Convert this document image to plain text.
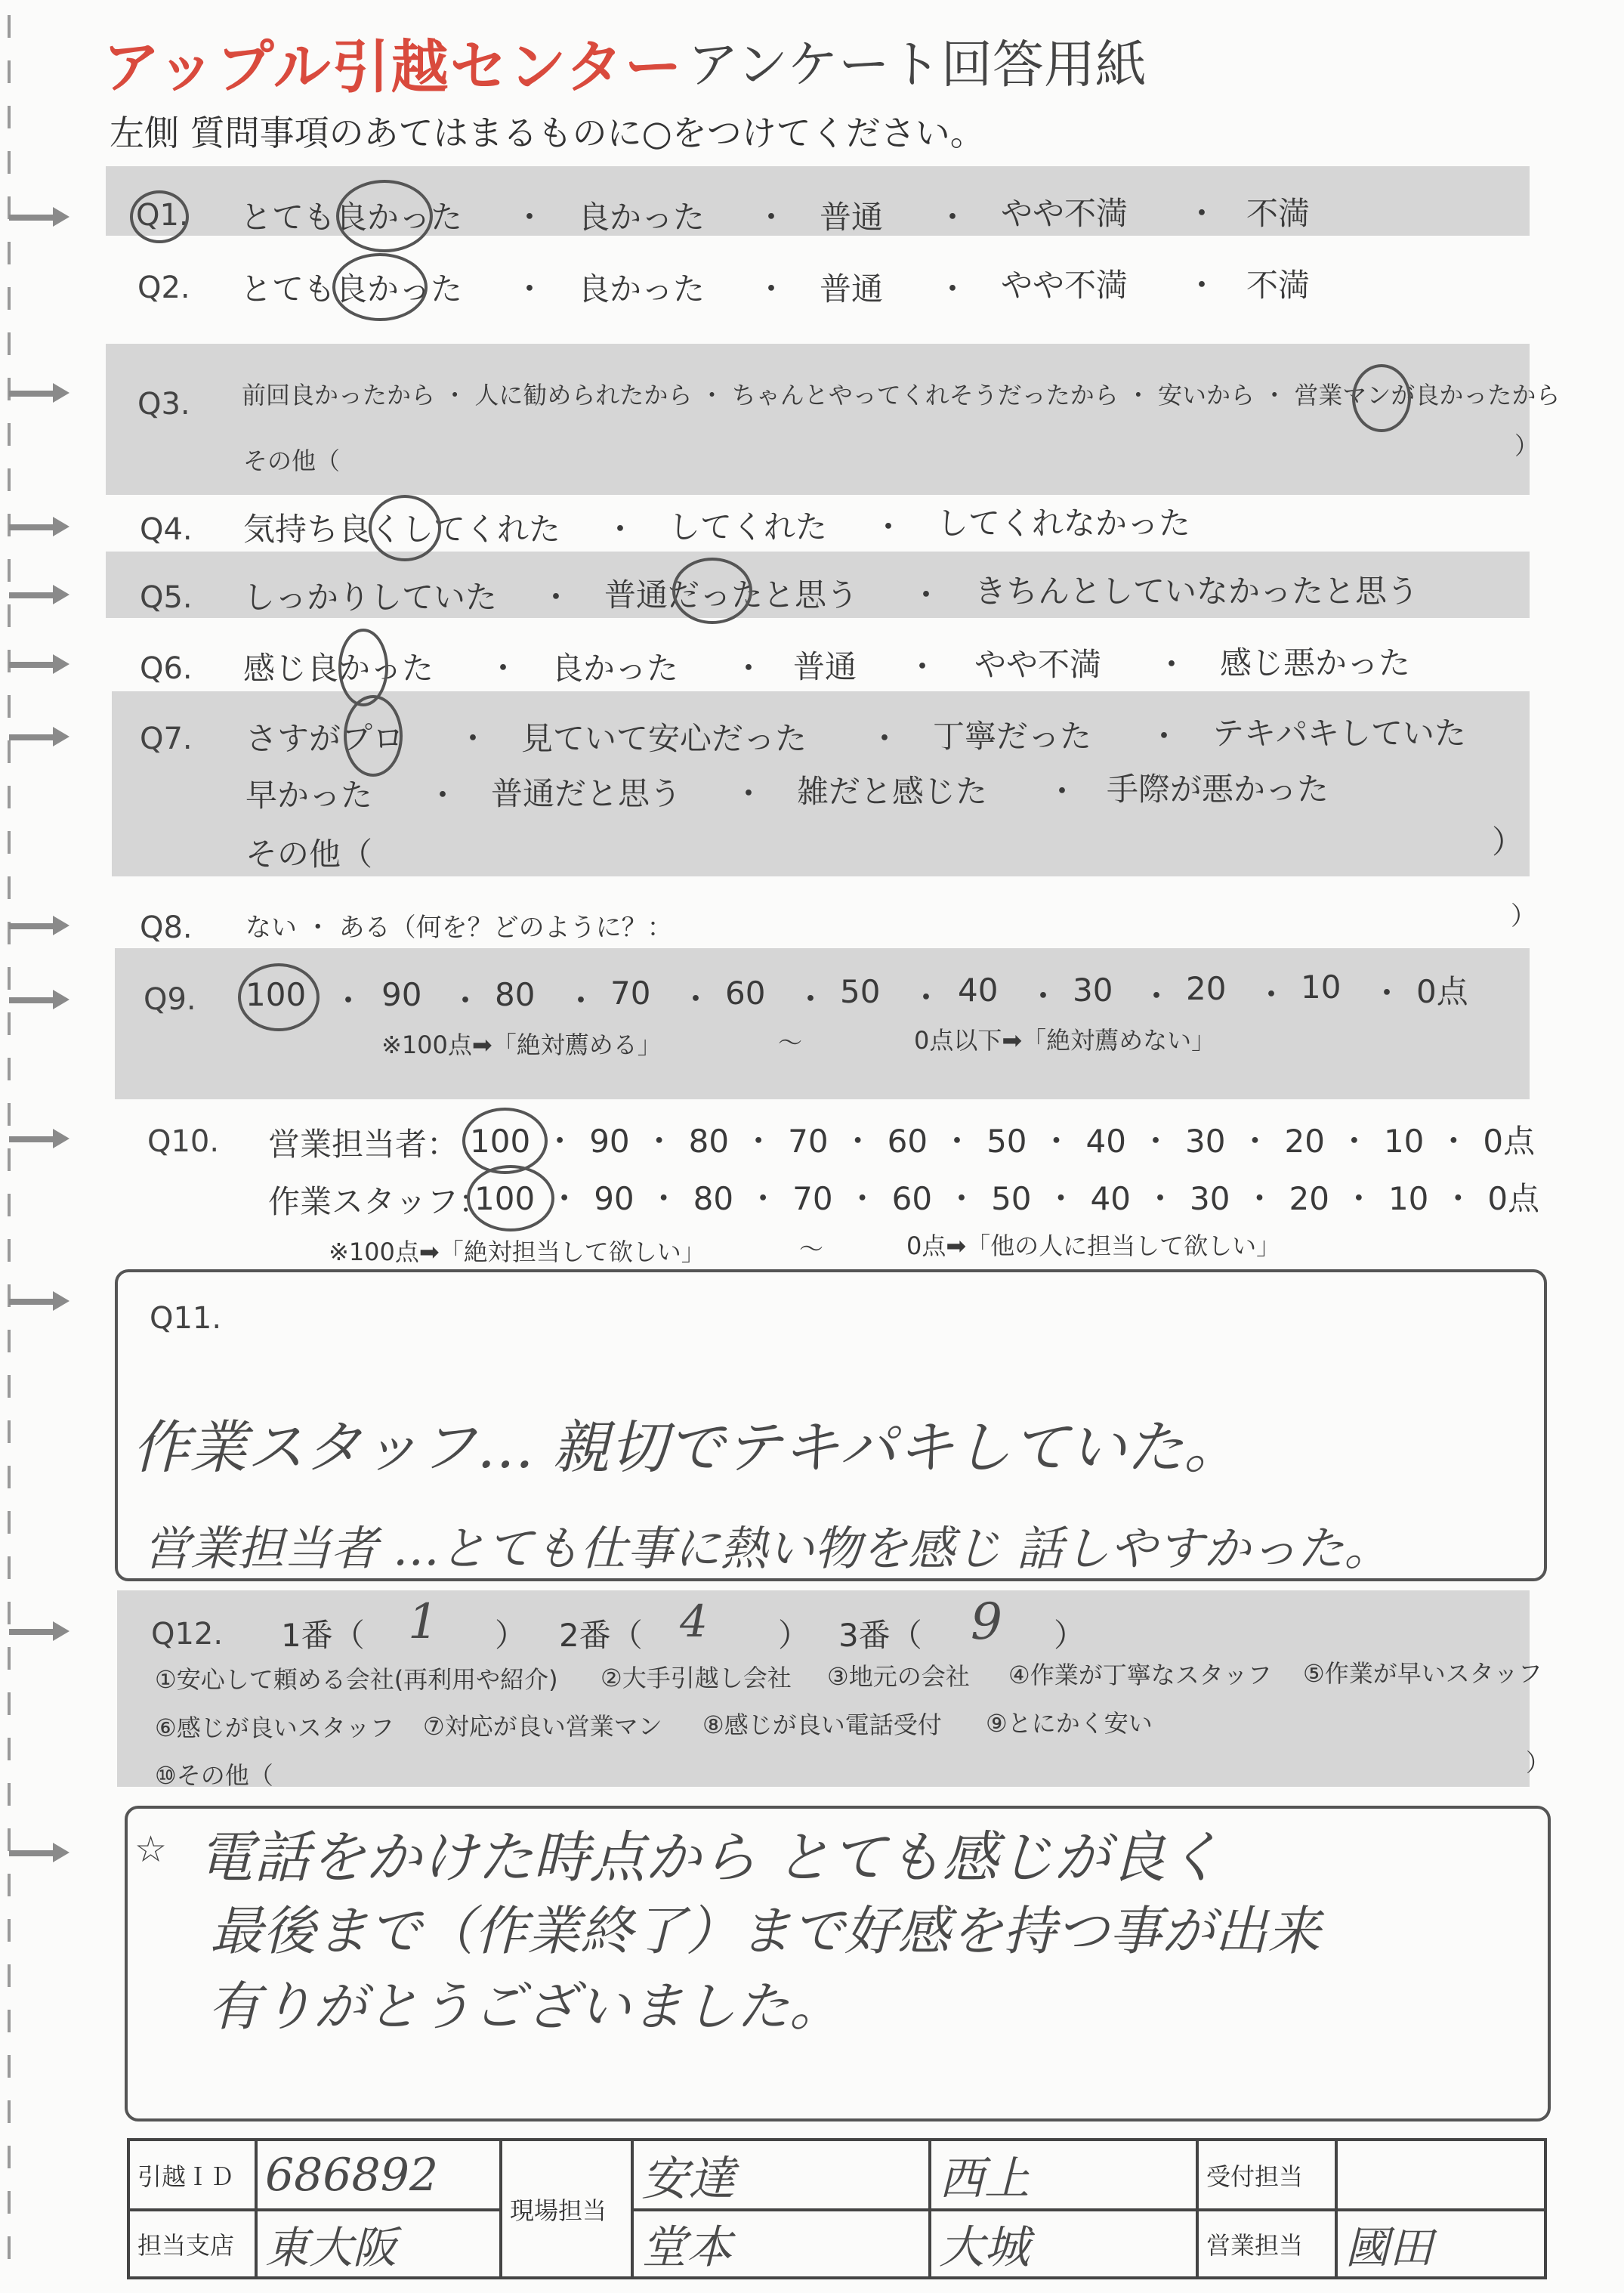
アップル引越センター アンケート回答用紙
左側 質問事項のあてはまるものに○をつけてください。
Q1. とても良かった ・ 良かった ・ 普通 ・ やや不満 ・ 不満
Q2. とても良かった ・ 良かった ・ 普通 ・ やや不満 ・ 不満
Q3. 前回良かったから ・ 人に勧められたから ・ ちゃんとやってくれそうだったから ・ 安いから ・ 営業マンが良かったから
その他（
）
Q4. 気持ち良くしてくれた ・ してくれた ・ してくれなかった
Q5. しっかりしていた ・ 普通だったと思う ・ きちんとしていなかったと思う
Q6. 感じ良かった ・ 良かった ・ 普通 ・ やや不満 ・ 感じ悪かった
Q7. さすがプロ ・ 見ていて安心だった ・ 丁寧だった ・ テキパキしていた
早かった ・ 普通だと思う ・ 雑だと感じた ・ 手際が悪かった
その他（	）
Q8. ない ・ ある（何を？どのように？：	）
Q9. 100 ・ 90 ・ 80 ・ 70 ・ 60 ・ 50 ・ 40 ・ 30 ・ 20 ・ 10 ・ 0点
※100点➡「絶対薦める」	～	0点以下➡「絶対薦めない」
Q10. 営業担当者：
作業スタッフ：
100 ・ 90 ・ 80 ・ 70 ・ 60 ・ 50 ・ 40 ・ 30 ・ 20 ・ 10 ・ 0点
100 ・ 90 ・ 80 ・ 70 ・ 60 ・ 50 ・ 40 ・ 30 ・ 20 ・ 10 ・ 0点
※100点➡「絶対担当して欲しい」	～	0点➡「他の人に担当して欲しい」
Q11.
作業スタッフ… 親切でテキパキしていた。
営業担当者 …とても仕事に熱い物を感じ 話しやすかった。
Q12. 1番（ 1 ） 2番（ 4 ） 3番（ 9 ）
①安心して頼める会社(再利用や紹介) ②大手引越し会社 ③地元の会社 ④作業が丁寧なスタッフ ⑤作業が早いスタッフ
⑥感じが良いスタッフ ⑦対応が良い営業マン ⑧感じが良い電話受付 ⑨とにかく安い
⑩その他（	）
☆ 電話をかけた時点から とても感じが良く
最後まで（作業終了）まで好感を持つ事が出来
有りがとうございました。
引越ＩＤ	686892	現場担当	安達	西上	受付担当	
担当支店	東大阪		堂本	大城	営業担当	國田
